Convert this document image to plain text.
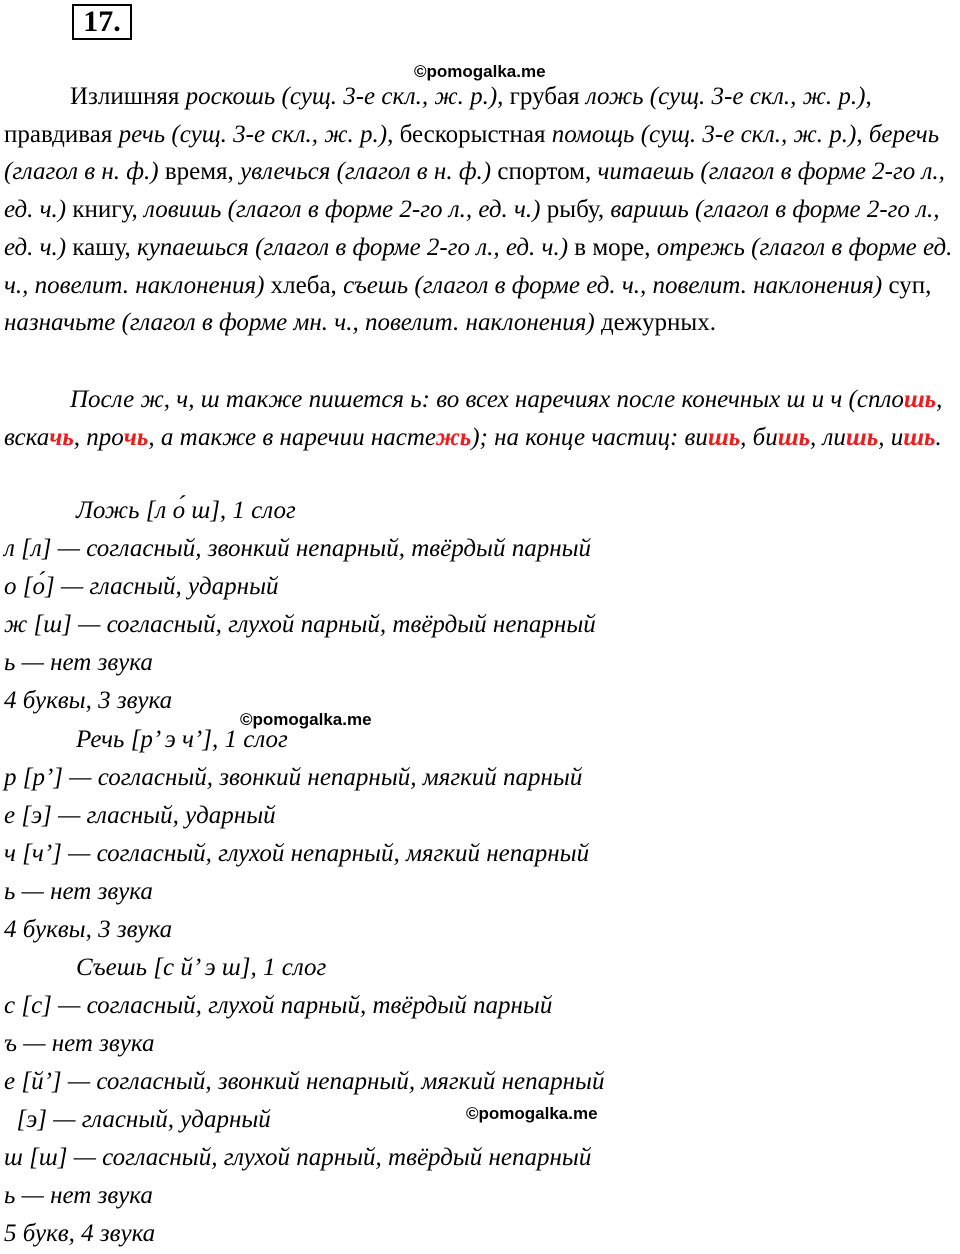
17.
©pomogalka.me

Излишняя роскошь (сущ. 3-е скл., ж. р.), грубая ложь (сущ. 3-е скл., ж. р.), правдивая речь (сущ. 3-е скл., ж. р.), бескорыстная помощь (сущ. 3-е скл., ж. р.), беречь (глагол в н. ф.) время, увлечься (глагол в н. ф.) спортом, читаешь (глагол в форме 2-го л., ед. ч.) книгу, ловишь (глагол в форме 2-го л., ед. ч.) рыбу, варишь (глагол в форме 2-го л., ед. ч.) кашу, купаешься (глагол в форме 2-го л., ед. ч.) в море, отрежь (глагол в форме ед. ч., повелит. наклонения) хлеба, съешь (глагол в форме ед. ч., повелит. наклонения) суп, назначьте (глагол в форме мн. ч., повелит. наклонения) дежурных.

После ж, ч, ш также пишется ь: во всех наречиях после конечных ш и ч (сплoшь, вскачь, прочь, а также в наречии настежь); на конце частиц: вишь, бишь, лишь, ишь.

Ложь [л о́ ш], 1 слог
л [л] — согласный, звонкий непарный, твёрдый парный
о [о́] — гласный, ударный
ж [ш] — согласный, глухой парный, твёрдый непарный
ь — нет звука
4 буквы, 3 звука
©pomogalka.me
Речь [р’ э ч’], 1 слог
р [р’] — согласный, звонкий непарный, мягкий парный
е [э] — гласный, ударный
ч [ч’] — согласный, глухой непарный, мягкий непарный
ь — нет звука
4 буквы, 3 звука
Съешь [с й’ э ш], 1 слог
с [с] — согласный, глухой парный, твёрдый парный
ъ — нет звука
е [й’] — согласный, звонкий непарный, мягкий непарный
[э] — гласный, ударный	©pomogalka.me
ш [ш] — согласный, глухой парный, твёрдый непарный
ь — нет звука
5 букв, 4 звука
